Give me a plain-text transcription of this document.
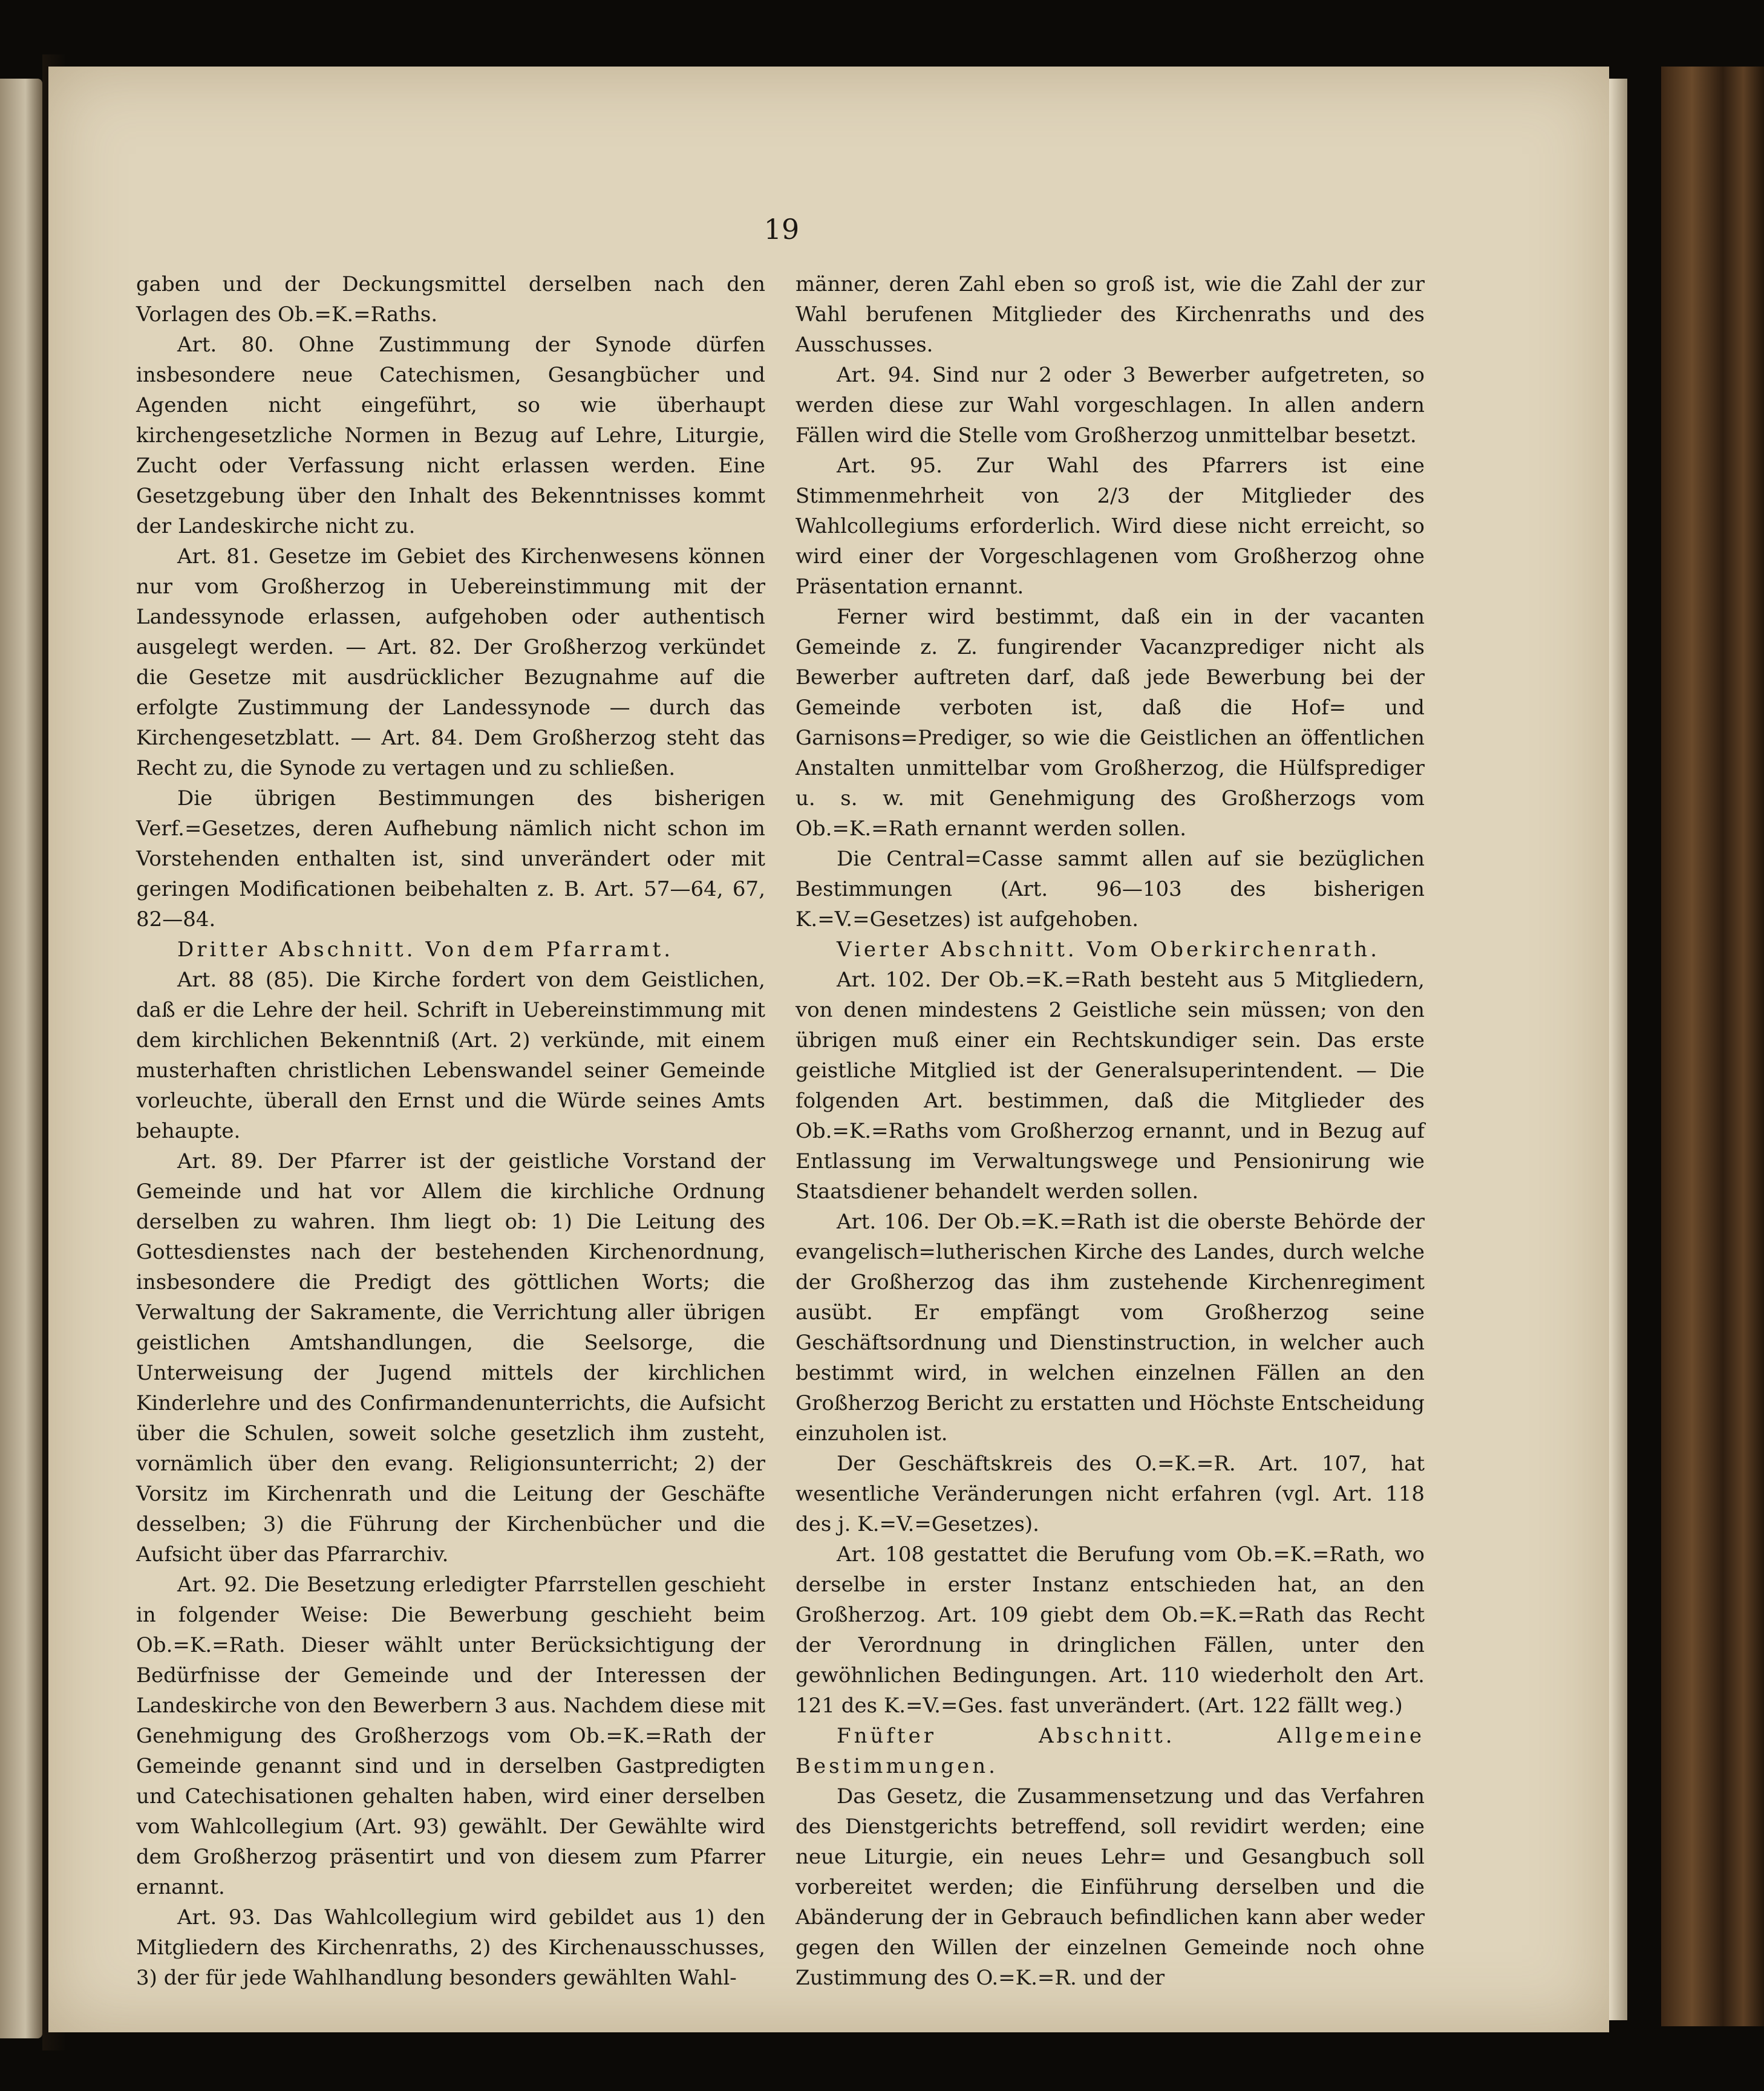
19

gaben und der Deckungsmittel derselben nach den Vorlagen des Ob.=K.=Raths.

Art. 80. Ohne Zustimmung der Synode dürfen insbesondere neue Catechismen, Gesangbücher und Agenden nicht eingeführt, so wie überhaupt kirchengesetzliche Normen in Bezug auf Lehre, Liturgie, Zucht oder Verfassung nicht erlassen werden. Eine Gesetzgebung über den Inhalt des Bekenntnisses kommt der Landeskirche nicht zu.

Art. 81. Gesetze im Gebiet des Kirchenwesens können nur vom Großherzog in Uebereinstimmung mit der Landessynode erlassen, aufgehoben oder authentisch ausgelegt werden. — Art. 82. Der Großherzog verkündet die Gesetze mit ausdrücklicher Bezugnahme auf die erfolgte Zustimmung der Landessynode — durch das Kirchengesetzblatt. — Art. 84. Dem Großherzog steht das Recht zu, die Synode zu vertagen und zu schließen.

Die übrigen Bestimmungen des bisherigen Verf.=Gesetzes, deren Aufhebung nämlich nicht schon im Vorstehenden enthalten ist, sind unverändert oder mit geringen Modificationen beibehalten z. B. Art. 57—64, 67, 82—84.

Dritter Abschnitt. Von dem Pfarramt.

Art. 88 (85). Die Kirche fordert von dem Geistlichen, daß er die Lehre der heil. Schrift in Uebereinstimmung mit dem kirchlichen Bekenntniß (Art. 2) verkünde, mit einem musterhaften christlichen Lebenswandel seiner Gemeinde vorleuchte, überall den Ernst und die Würde seines Amts behaupte.

Art. 89. Der Pfarrer ist der geistliche Vorstand der Gemeinde und hat vor Allem die kirchliche Ordnung derselben zu wahren. Ihm liegt ob: 1) Die Leitung des Gottesdienstes nach der bestehenden Kirchenordnung, insbesondere die Predigt des göttlichen Worts; die Verwaltung der Sakramente, die Verrichtung aller übrigen geistlichen Amtshandlungen, die Seelsorge, die Unterweisung der Jugend mittels der kirchlichen Kinderlehre und des Confirmandenunterrichts, die Aufsicht über die Schulen, soweit solche gesetzlich ihm zusteht, vornämlich über den evang. Religionsunterricht; 2) der Vorsitz im Kirchenrath und die Leitung der Geschäfte desselben; 3) die Führung der Kirchenbücher und die Aufsicht über das Pfarrarchiv.

Art. 92. Die Besetzung erledigter Pfarrstellen geschieht in folgender Weise: Die Bewerbung geschieht beim Ob.=K.=Rath. Dieser wählt unter Berücksichtigung der Bedürfnisse der Gemeinde und der Interessen der Landeskirche von den Bewerbern 3 aus. Nachdem diese mit Genehmigung des Großherzogs vom Ob.=K.=Rath der Gemeinde genannt sind und in derselben Gastpredigten und Catechisationen gehalten haben, wird einer derselben vom Wahlcollegium (Art. 93) gewählt. Der Gewählte wird dem Großherzog präsentirt und von diesem zum Pfarrer ernannt.

Art. 93. Das Wahlcollegium wird gebildet aus 1) den Mitgliedern des Kirchenraths, 2) des Kirchenausschusses, 3) der für jede Wahlhandlung besonders gewählten Wahl-

männer, deren Zahl eben so groß ist, wie die Zahl der zur Wahl berufenen Mitglieder des Kirchenraths und des Ausschusses.

Art. 94. Sind nur 2 oder 3 Bewerber aufgetreten, so werden diese zur Wahl vorgeschlagen. In allen andern Fällen wird die Stelle vom Großherzog unmittelbar besetzt.

Art. 95. Zur Wahl des Pfarrers ist eine Stimmenmehrheit von 2/3 der Mitglieder des Wahlcollegiums erforderlich. Wird diese nicht erreicht, so wird einer der Vorgeschlagenen vom Großherzog ohne Präsentation ernannt.

Ferner wird bestimmt, daß ein in der vacanten Gemeinde z. Z. fungirender Vacanzprediger nicht als Bewerber auftreten darf, daß jede Bewerbung bei der Gemeinde verboten ist, daß die Hof= und Garnisons=Prediger, so wie die Geistlichen an öffentlichen Anstalten unmittelbar vom Großherzog, die Hülfsprediger u. s. w. mit Genehmigung des Großherzogs vom Ob.=K.=Rath ernannt werden sollen.

Die Central=Casse sammt allen auf sie bezüglichen Bestimmungen (Art. 96—103 des bisherigen K.=V.=Gesetzes) ist aufgehoben.

Vierter Abschnitt. Vom Oberkirchenrath.

Art. 102. Der Ob.=K.=Rath besteht aus 5 Mitgliedern, von denen mindestens 2 Geistliche sein müssen; von den übrigen muß einer ein Rechtskundiger sein. Das erste geistliche Mitglied ist der Generalsuperintendent. — Die folgenden Art. bestimmen, daß die Mitglieder des Ob.=K.=Raths vom Großherzog ernannt, und in Bezug auf Entlassung im Verwaltungswege und Pensionirung wie Staatsdiener behandelt werden sollen.

Art. 106. Der Ob.=K.=Rath ist die oberste Behörde der evangelisch=lutherischen Kirche des Landes, durch welche der Großherzog das ihm zustehende Kirchenregiment ausübt. Er empfängt vom Großherzog seine Geschäftsordnung und Dienstinstruction, in welcher auch bestimmt wird, in welchen einzelnen Fällen an den Großherzog Bericht zu erstatten und Höchste Entscheidung einzuholen ist.

Der Geschäftskreis des O.=K.=R. Art. 107, hat wesentliche Veränderungen nicht erfahren (vgl. Art. 118 des j. K.=V.=Gesetzes).

Art. 108 gestattet die Berufung vom Ob.=K.=Rath, wo derselbe in erster Instanz entschieden hat, an den Großherzog. Art. 109 giebt dem Ob.=K.=Rath das Recht der Verordnung in dringlichen Fällen, unter den gewöhnlichen Bedingungen. Art. 110 wiederholt den Art. 121 des K.=V.=Ges. fast unverändert. (Art. 122 fällt weg.)

Fnüfter Abschnitt. Allgemeine Bestimmungen.

Das Gesetz, die Zusammensetzung und das Verfahren des Dienstgerichts betreffend, soll revidirt werden; eine neue Liturgie, ein neues Lehr= und Gesangbuch soll vorbereitet werden; die Einführung derselben und die Abänderung der in Gebrauch befindlichen kann aber weder gegen den Willen der einzelnen Gemeinde noch ohne Zustimmung des O.=K.=R. und der
